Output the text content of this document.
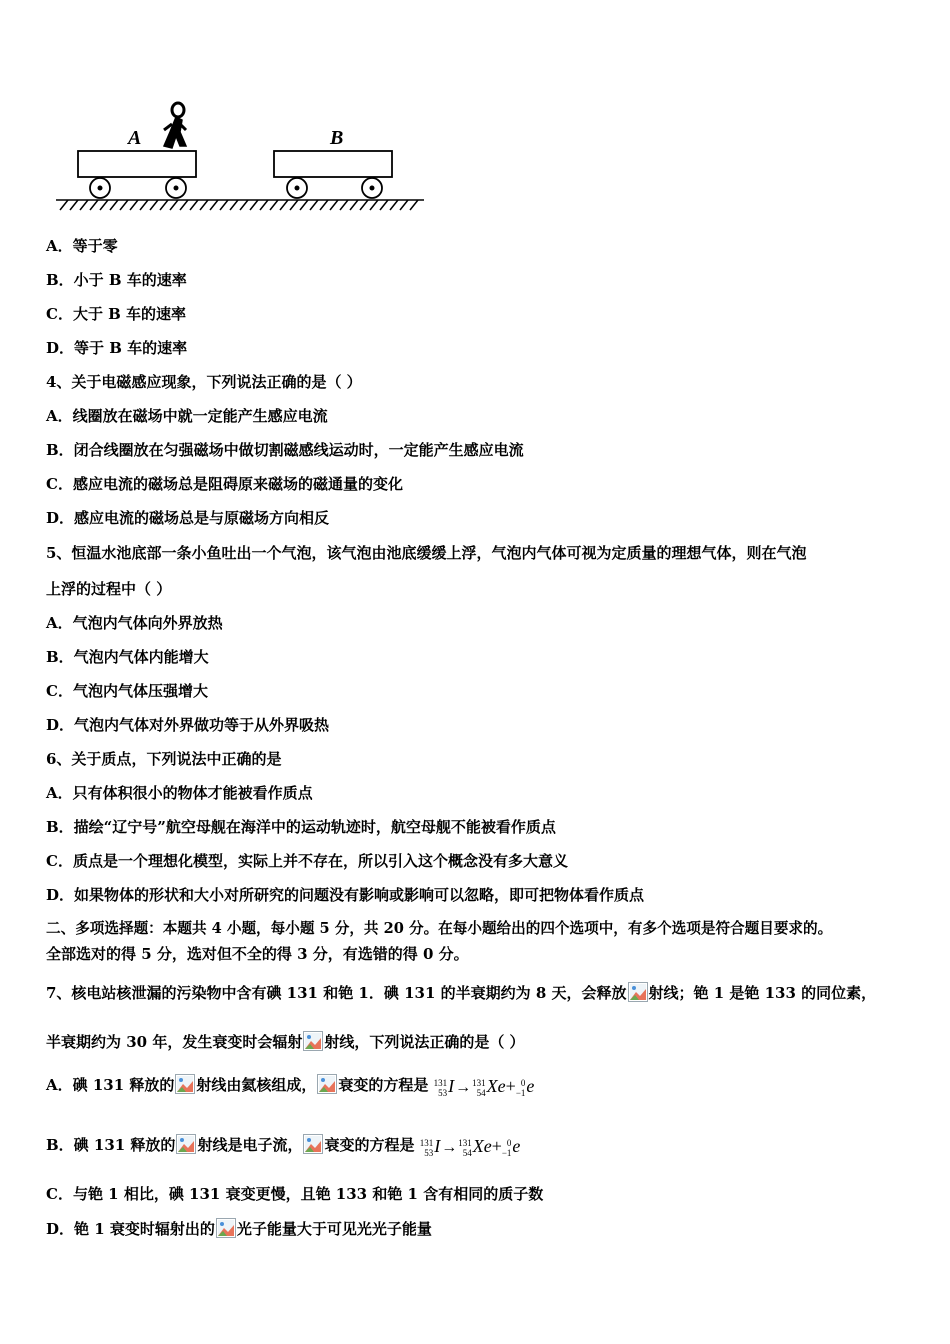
A	B
A．等于零
B．小于 B 车的速率
C．大于 B 车的速率
D．等于 B 车的速率
4、关于电磁感应现象，下列说法正确的是（ ）
A．线圈放在磁场中就一定能产生感应电流
B．闭合线圈放在匀强磁场中做切割磁感线运动时，一定能产生感应电流
C．感应电流的磁场总是阻碍原来磁场的磁通量的变化
D．感应电流的磁场总是与原磁场方向相反
5、恒温水池底部一条小鱼吐出一个气泡，该气泡由池底缓缓上浮，气泡内气体可视为定质量的理想气体，则在气泡
上浮的过程中（ ）
A．气泡内气体向外界放热
B．气泡内气体内能增大
C．气泡内气体压强增大
D．气泡内气体对外界做功等于从外界吸热
6、关于质点，下列说法中正确的是
A．只有体积很小的物体才能被看作质点
B．描绘“辽宁号”航空母舰在海洋中的运动轨迹时，航空母舰不能被看作质点
C．质点是一个理想化模型，实际上并不存在，所以引入这个概念没有多大意义
D．如果物体的形状和大小对所研究的问题没有影响或影响可以忽略，即可把物体看作质点
二、多项选择题：本题共 4 小题，每小题 5 分，共 20 分。在每小题给出的四个选项中，有多个选项是符合题目要求的。
全部选对的得 5 分，选对但不全的得 3 分，有选错的得 0 分。
7、核电站核泄漏的污染物中含有碘 131 和铯 1．碘 131 的半衰期约为 8 天，会释放 射线；铯 1 是铯 133 的同位素，
半衰期约为 30 年，发生衰变时会辐射 射线，下列说法正确的是（ ）
A．碘 131 释放的 射线由氦核组成， 衰变的方程是 131
53 I→ 131
54 Xe+ 0
−1 e
B．碘 131 释放的 射线是电子流， 衰变的方程是 131
53 I→ 131
54 Xe+ 0
−1 e
C．与铯 1 相比，碘 131 衰变更慢，且铯 133 和铯 1 含有相同的质子数
D．铯 1 衰变时辐射出的 光子能量大于可见光光子能量
